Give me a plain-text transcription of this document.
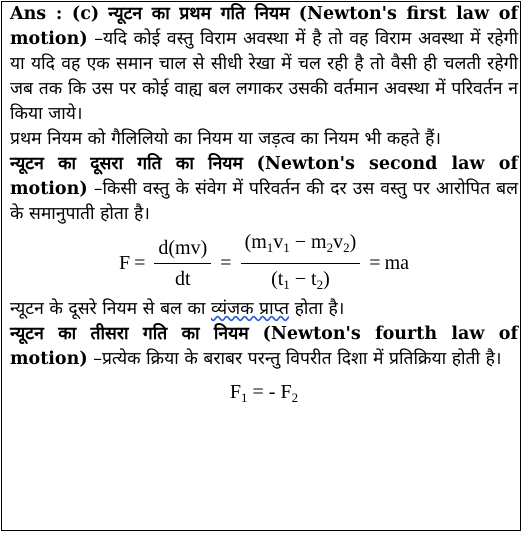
Ans : (c) न्यूटन का प्रथम गति नियम (Newton's first law of motion) –यदि कोई वस्तु विराम अवस्था में है तो वह विराम अवस्था में रहेगी या यदि वह एक समान चाल से सीधी रेखा में चल रही है तो वैसी ही चलती रहेगी जब तक कि उस पर कोई वाह्य बल लगाकर उसकी वर्तमान अवस्था में परिवर्तन न किया जाये।

प्रथम नियम को गैलिलियो का नियम या जड़त्व का नियम भी कहते हैं।

न्यूटन का दूसरा गति का नियम (Newton's second law of motion) –किसी वस्तु के संवेग में परिवर्तन की दर उस वस्तु पर आरोपित बल के समानुपाती होता है।

$F = \frac{d(mv)}{dt} = \frac{(m_1v_1 - m_2v_2)}{(t_1 - t_2)}$ = ma

न्यूटन के दूसरे नियम से बल का व्यंजक प्राप्त होता है।

न्यूटन का तीसरा गति का नियम (Newton's fourth law of motion) –प्रत्येक क्रिया के बराबर परन्तु विपरीत दिशा में प्रतिक्रिया होती है।

$F_1$ = - $F_2$
